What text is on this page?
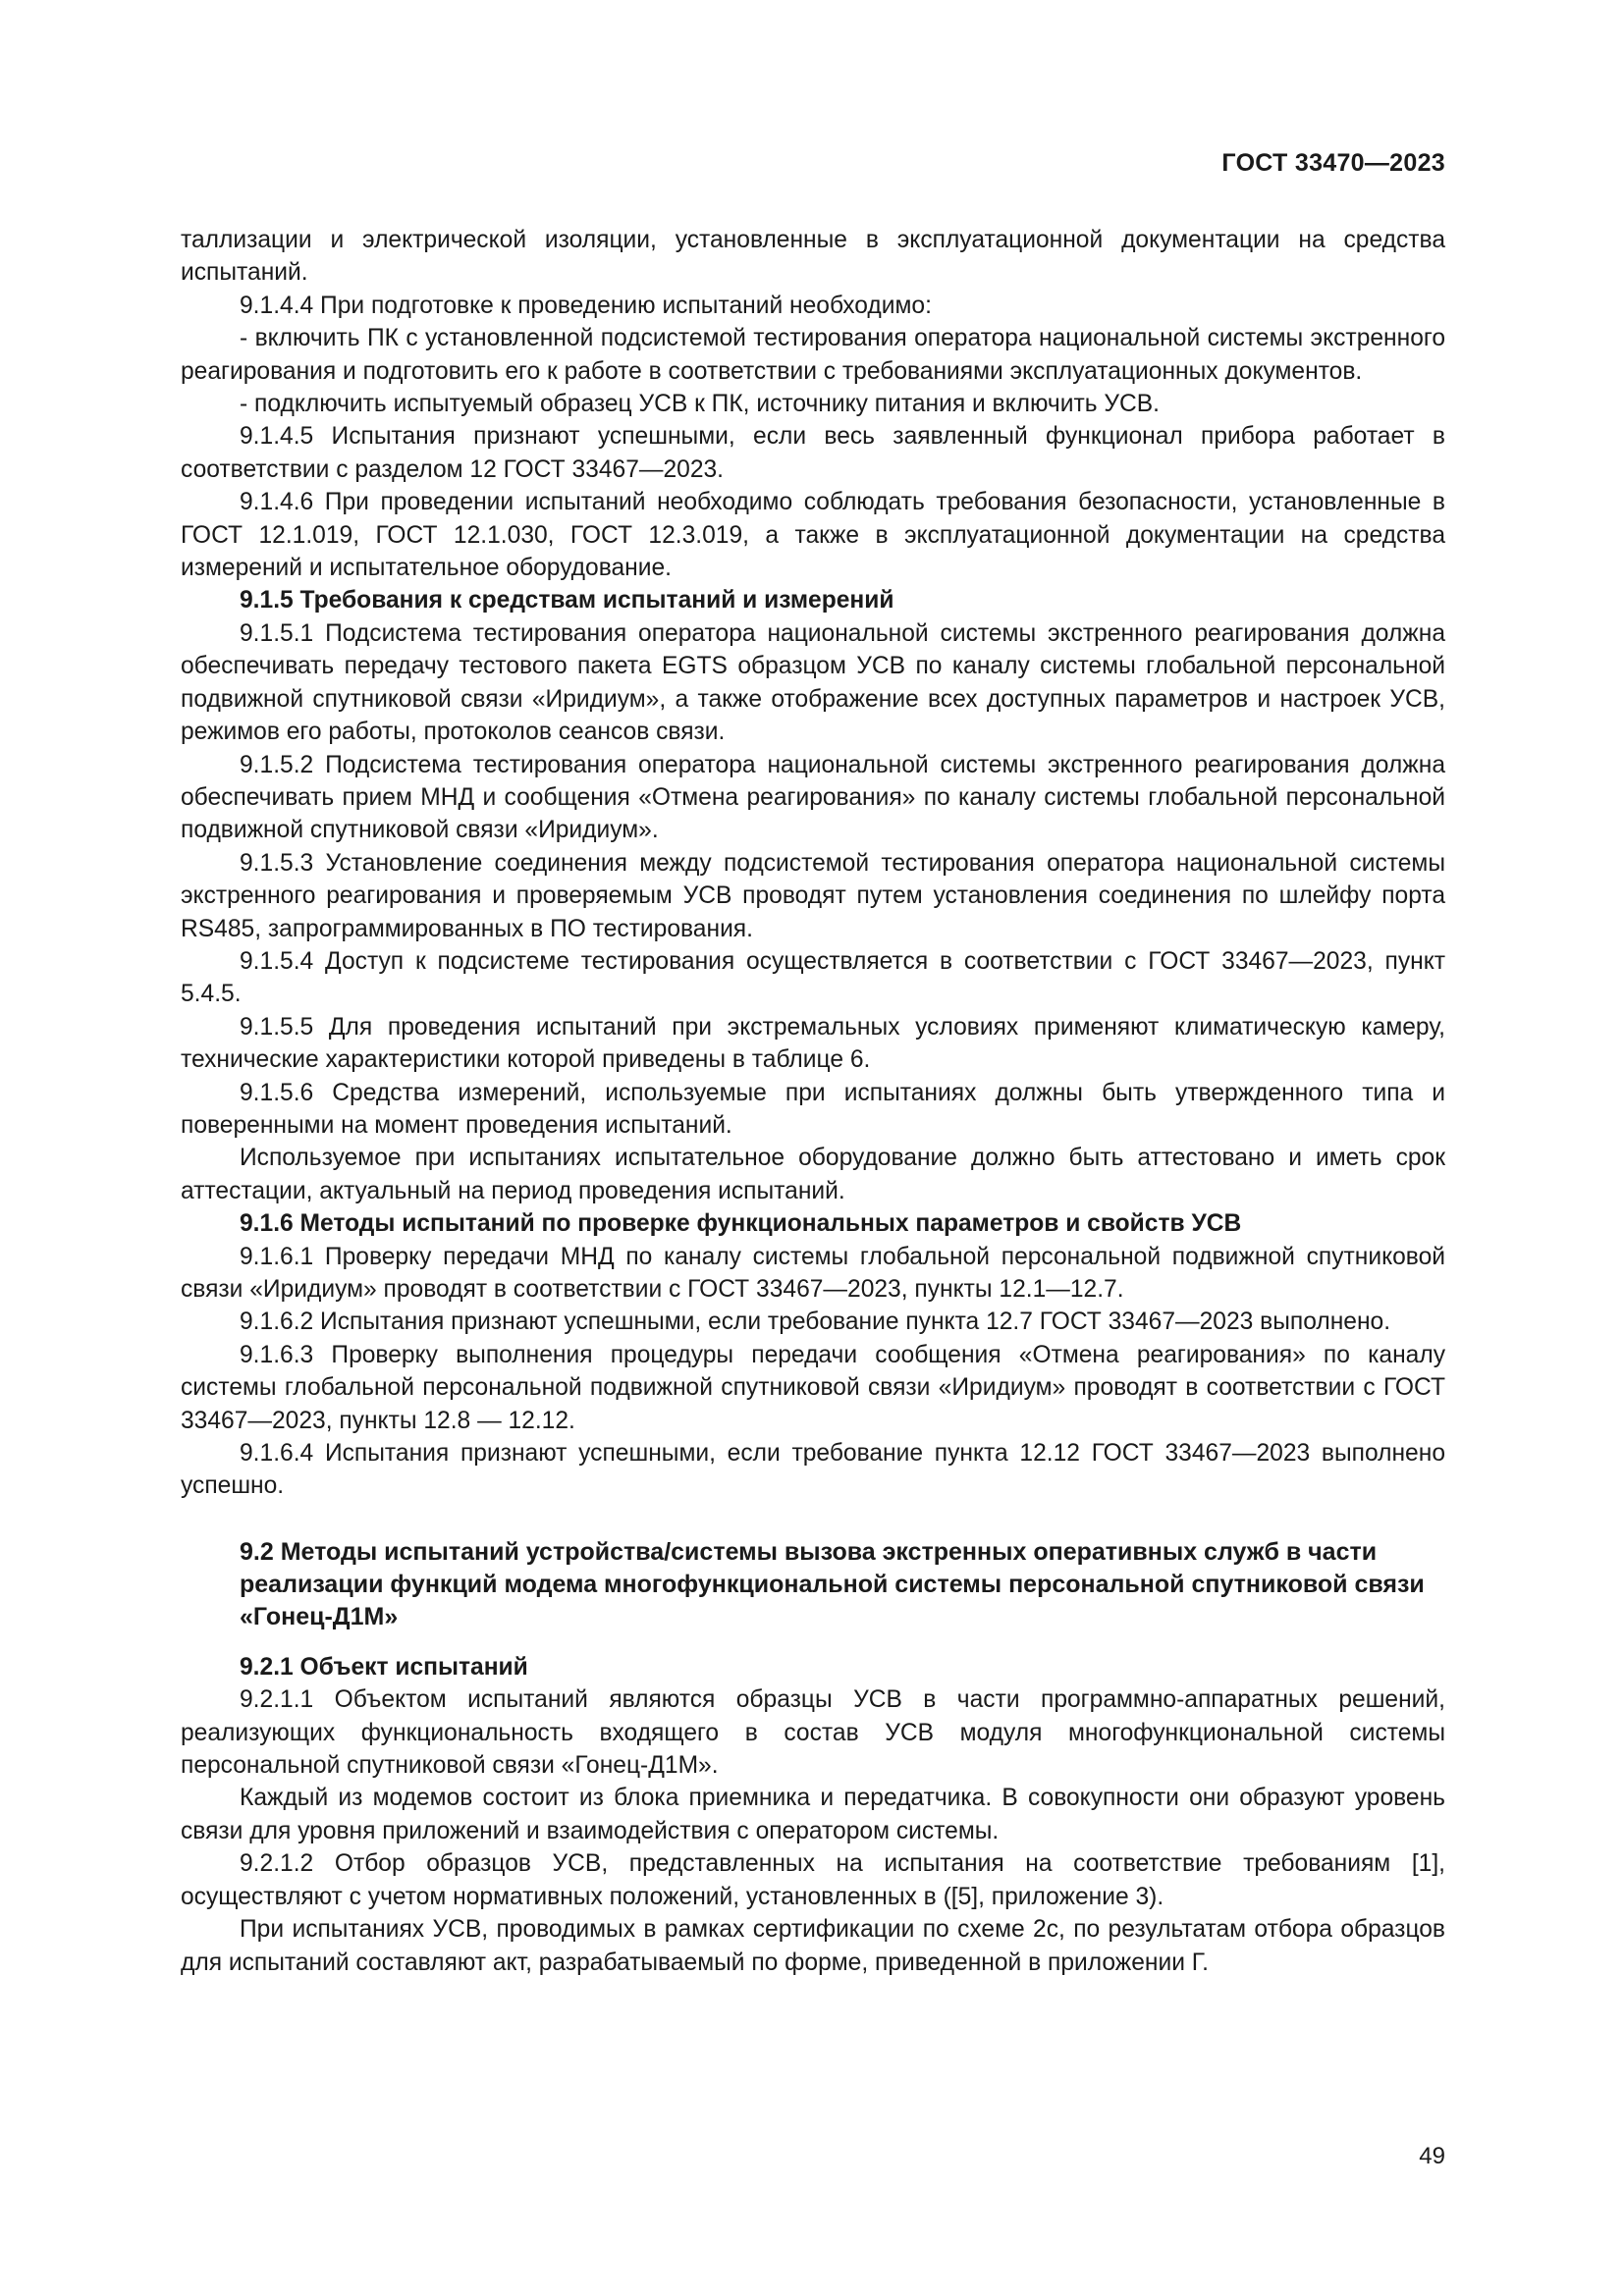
ГОСТ 33470—2023

таллизации и электрической изоляции, установленные в эксплуатационной документации на средства испытаний.

9.1.4.4 При подготовке к проведению испытаний необходимо:

- включить ПК с установленной подсистемой тестирования оператора национальной системы экстренного реагирования и подготовить его к работе в соответствии с требованиями эксплуатационных документов.

- подключить испытуемый образец УСВ к ПК, источнику питания и включить УСВ.

9.1.4.5 Испытания признают успешными, если весь заявленный функционал прибора работает в соответствии с разделом 12 ГОСТ 33467—2023.

9.1.4.6 При проведении испытаний необходимо соблюдать требования безопасности, установленные в ГОСТ 12.1.019, ГОСТ 12.1.030, ГОСТ 12.3.019, а также в эксплуатационной документации на средства измерений и испытательное оборудование.

9.1.5 Требования к средствам испытаний и измерений

9.1.5.1 Подсистема тестирования оператора национальной системы экстренного реагирования должна обеспечивать передачу тестового пакета EGTS образцом УСВ по каналу системы глобальной персональной подвижной спутниковой связи «Иридиум», а также отображение всех доступных параметров и настроек УСВ, режимов его работы, протоколов сеансов связи.

9.1.5.2 Подсистема тестирования оператора национальной системы экстренного реагирования должна обеспечивать прием МНД и сообщения «Отмена реагирования» по каналу системы глобальной персональной подвижной спутниковой связи «Иридиум».

9.1.5.3 Установление соединения между подсистемой тестирования оператора национальной системы экстренного реагирования и проверяемым УСВ проводят путем установления соединения по шлейфу порта RS485, запрограммированных в ПО тестирования.

9.1.5.4 Доступ к подсистеме тестирования осуществляется в соответствии с ГОСТ 33467—2023, пункт 5.4.5.

9.1.5.5 Для проведения испытаний при экстремальных условиях применяют климатическую камеру, технические характеристики которой приведены в таблице 6.

9.1.5.6 Средства измерений, используемые при испытаниях должны быть утвержденного типа и поверенными на момент проведения испытаний.

Используемое при испытаниях испытательное оборудование должно быть аттестовано и иметь срок аттестации, актуальный на период проведения испытаний.

9.1.6 Методы испытаний по проверке функциональных параметров и свойств УСВ

9.1.6.1 Проверку передачи МНД по каналу системы глобальной персональной подвижной спутниковой связи «Иридиум» проводят в соответствии с ГОСТ 33467—2023, пункты 12.1—12.7.

9.1.6.2 Испытания признают успешными, если требование пункта 12.7 ГОСТ 33467—2023 выполнено.

9.1.6.3 Проверку выполнения процедуры передачи сообщения «Отмена реагирования» по каналу системы глобальной персональной подвижной спутниковой связи «Иридиум» проводят в соответствии с ГОСТ 33467—2023, пункты 12.8 — 12.12.

9.1.6.4 Испытания признают успешными, если требование пункта 12.12 ГОСТ 33467—2023 выполнено успешно.

9.2 Методы испытаний устройства/системы вызова экстренных оперативных служб в части реализации функций модема многофункциональной системы персональной спутниковой связи «Гонец-Д1М»

9.2.1 Объект испытаний

9.2.1.1 Объектом испытаний являются образцы УСВ в части программно-аппаратных решений, реализующих функциональность входящего в состав УСВ модуля многофункциональной системы персональной спутниковой связи «Гонец-Д1М».

Каждый из модемов состоит из блока приемника и передатчика. В совокупности они образуют уровень связи для уровня приложений и взаимодействия с оператором системы.

9.2.1.2 Отбор образцов УСВ, представленных на испытания на соответствие требованиям [1], осуществляют с учетом нормативных положений, установленных в ([5], приложение 3).

При испытаниях УСВ, проводимых в рамках сертификации по схеме 2с, по результатам отбора образцов для испытаний составляют акт, разрабатываемый по форме, приведенной в приложении Г.

49
